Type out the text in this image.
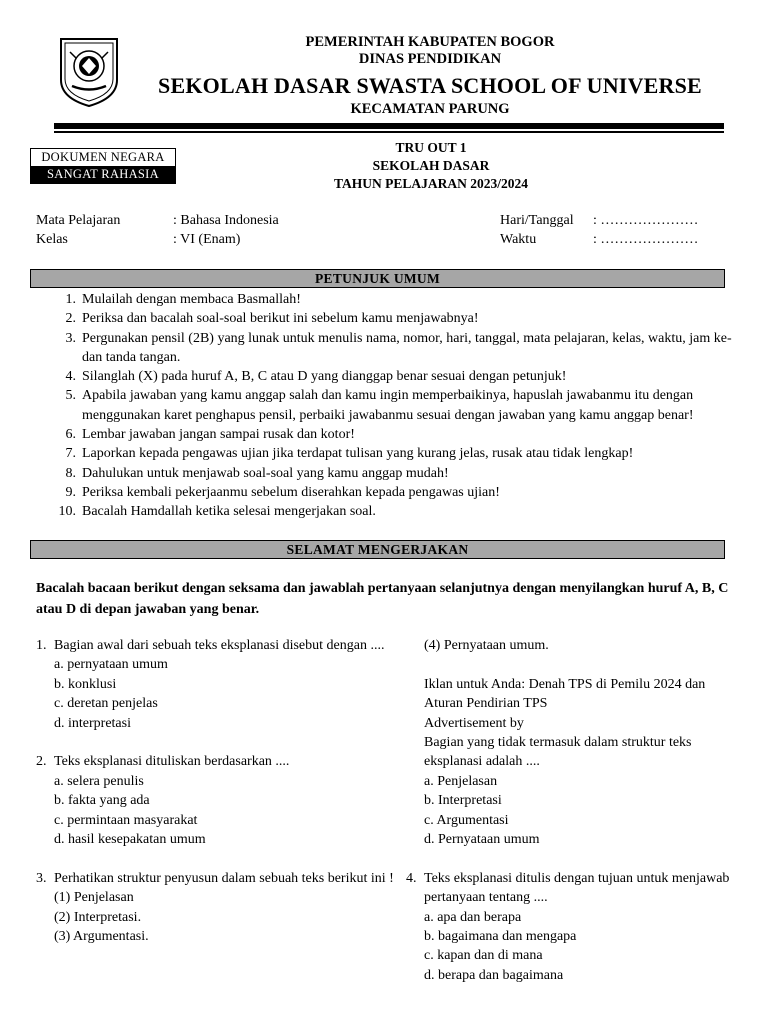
PEMERINTAH KABUPATEN BOGOR
DINAS PENDIDIKAN
SEKOLAH DASAR SWASTA SCHOOL OF UNIVERSE
KECAMATAN PARUNG
DOKUMEN NEGARA
SANGAT RAHASIA
TRU OUT 1
SEKOLAH DASAR
TAHUN PELAJARAN 2023/2024
Mata Pelajaran	: Bahasa Indonesia	Hari/Tanggal : …………………
Kelas	: VI (Enam)	Waktu	: …………………
PETUNJUK UMUM
1. Mulailah dengan membaca Basmallah!
2. Periksa dan bacalah soal-soal berikut ini sebelum kamu menjawabnya!
3. Pergunakan pensil (2B) yang lunak untuk menulis nama, nomor, hari, tanggal, mata pelajaran, kelas, waktu, jam ke- dan tanda tangan.
4. Silanglah (X) pada huruf A, B, C atau D yang dianggap benar sesuai dengan petunjuk!
5. Apabila jawaban yang kamu anggap salah dan kamu ingin memperbaikinya, hapuslah jawabanmu itu dengan menggunakan karet penghapus pensil, perbaiki jawabanmu sesuai dengan jawaban yang kamu anggap benar!
6. Lembar jawaban jangan sampai rusak dan kotor!
7. Laporkan kepada pengawas ujian jika terdapat tulisan yang kurang jelas, rusak atau tidak lengkap!
8. Dahulukan untuk menjawab soal-soal yang kamu anggap mudah!
9. Periksa kembali pekerjaanmu sebelum diserahkan kepada pengawas ujian!
10. Bacalah Hamdallah ketika selesai mengerjakan soal.
SELAMAT MENGERJAKAN
Bacalah bacaan berikut dengan seksama dan jawablah pertanyaan selanjutnya dengan menyilangkan huruf A, B, C atau D di depan jawaban yang benar.
1. Bagian awal dari sebuah teks eksplanasi disebut dengan ....
a. pernyataan umum
b. konklusi
c. deretan penjelas
d. interpretasi
2. Teks eksplanasi dituliskan berdasarkan ....
a. selera penulis
b. fakta yang ada
c. permintaan masyarakat
d. hasil kesepakatan umum
3. Perhatikan struktur penyusun dalam sebuah teks berikut ini !
(1) Penjelasan
(2) Interpretasi.
(3) Argumentasi.
(4) Pernyataan umum.
Iklan untuk Anda: Denah TPS di Pemilu 2024 dan Aturan Pendirian TPS
Advertisement by
Bagian yang tidak termasuk dalam struktur teks eksplanasi adalah ....
a. Penjelasan
b. Interpretasi
c. Argumentasi
d. Pernyataan umum
4. Teks eksplanasi ditulis dengan tujuan untuk menjawab pertanyaan tentang ....
a. apa dan berapa
b. bagaimana dan mengapa
c. kapan dan di mana
d. berapa dan bagaimana
